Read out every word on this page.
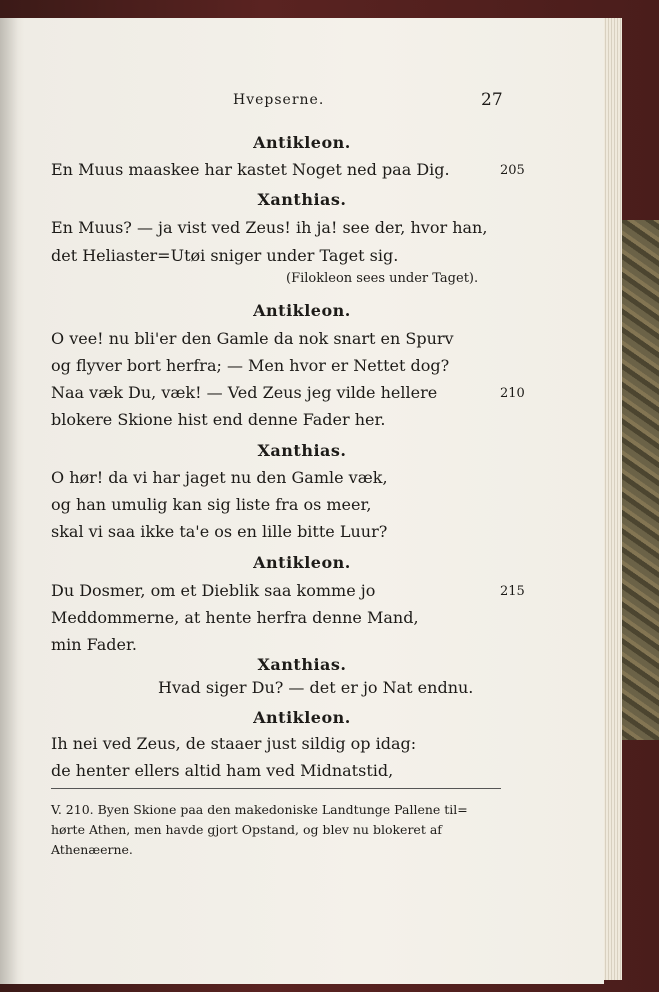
Hvepserne.	27
Antikleon.
En Muus maaskee har kastet Noget ned paa Dig.	205
Xanthias.
En Muus? — ja vist ved Zeus! ih ja! see der, hvor han,
det Heliaster=Utøi sniger under Taget sig.
(Filokleon sees under Taget).
Antikleon.
O vee! nu bli'er den Gamle da nok snart en Spurv
og flyver bort herfra; — Men hvor er Nettet dog?
Naa væk Du, væk! — Ved Zeus jeg vilde hellere	210
blokere Skione hist end denne Fader her.
Xanthias.
O hør! da vi har jaget nu den Gamle væk,
og han umulig kan sig liste fra os meer,
skal vi saa ikke ta'e os en lille bitte Luur?
Antikleon.
Du Dosmer, om et Dieblik saa komme jo	215
Meddommerne, at hente herfra denne Mand,
min Fader.
Xanthias.
Hvad siger Du? — det er jo Nat endnu.
Antikleon.
Ih nei ved Zeus, de staaer just sildig op idag:
de henter ellers altid ham ved Midnatstid,
V. 210. Byen Skione paa den makedoniske Landtunge Pallene til=
hørte Athen, men havde gjort Opstand, og blev nu blokeret af
Athenæerne.
